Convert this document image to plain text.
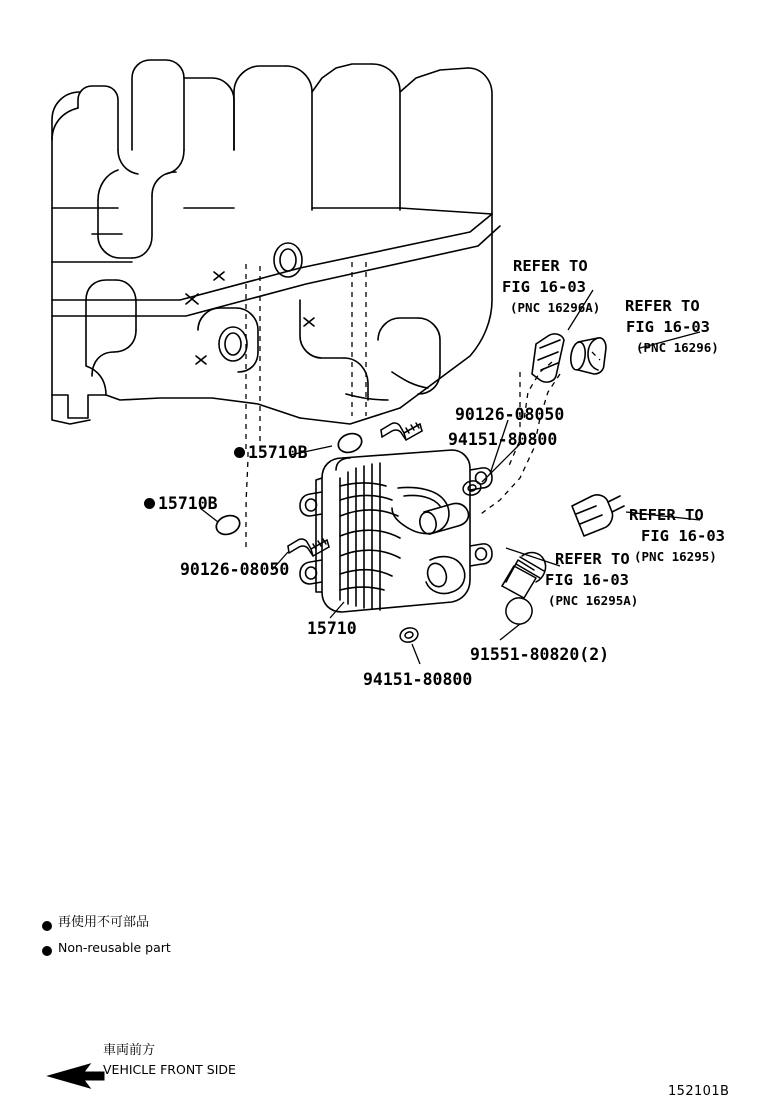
REFER TO
FIG 16-03
(PNC 16296A) REFER TO
FIG 16-03
(PNC 16296)
90126-08050
94151-80800
15710B
15710B
REFER TO
FIG 16-03
(PNC 16295)
REFER TO
FIG 16-03
(PNC 16295A)
90126-08050
15710
91551-80820(2)
94151-80800
再使用不可部品
Non-reusable part
車両前方
VEHICLE FRONT SIDE
152101B
